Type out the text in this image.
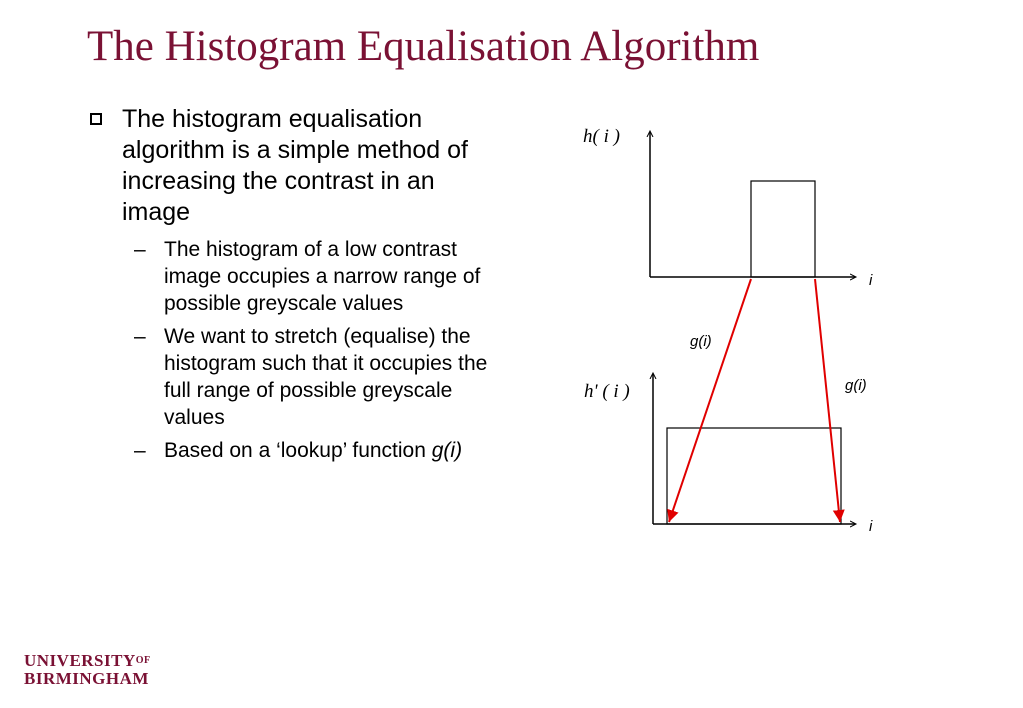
The Histogram Equalisation Algorithm
The histogram equalisation algorithm is a simple method of increasing the contrast in an image
– The histogram of a low contrast image occupies a narrow range of possible greyscale values
– We want to stretch (equalise) the histogram such that it occupies the full range of possible greyscale values
– Based on a ‘lookup’ function g(i)
h( i )
i
h' ( i )
i
g(i)
g(i)
$UNIVERSITY^{OF}$
BIRMINGHAM
